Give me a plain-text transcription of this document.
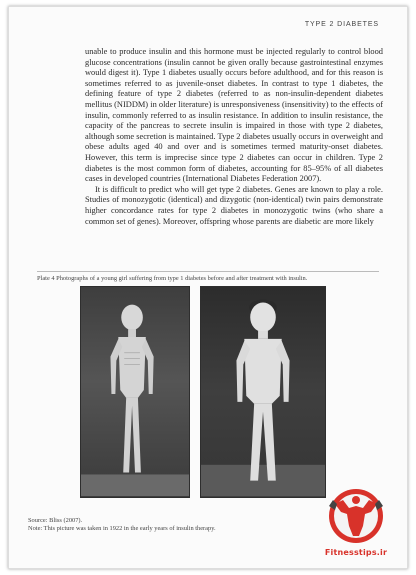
TYPE 2 DIABETES

unable to produce insulin and this hormone must be injected regularly to control blood glucose concentrations (insulin cannot be given orally because gastrointestinal enzymes would digest it). Type 1 diabetes usually occurs before adulthood, and for this reason is sometimes referred to as juvenile-onset diabetes. In contrast to type 1 diabetes, the defining feature of type 2 diabetes (referred to as non-insulin-dependent diabetes mellitus (NIDDM) in older literature) is unresponsiveness (insensitivity) to the effects of insulin, commonly referred to as insulin resistance. In addition to insulin resistance, the capacity of the pancreas to secrete insulin is impaired in those with type 2 diabetes, although some secretion is maintained. Type 2 diabetes usually occurs in overweight and obese adults aged 40 and over and is sometimes termed maturity-onset diabetes. However, this term is imprecise since type 2 diabetes can occur in children. Type 2 diabetes is the most common form of diabetes, accounting for 85–95% of all diabetes cases in developed countries (International Diabetes Federation 2007).

It is difficult to predict who will get type 2 diabetes. Genes are known to play a role. Studies of monozygotic (identical) and dizygotic (non-identical) twin pairs demonstrate higher concordance rates for type 2 diabetes in monozygotic twins (who share a common set of genes). Moreover, offspring whose parents are diabetic are more likely

Plate 4 Photographs of a young girl suffering from type 1 diabetes before and after treatment with insulin.

Source: Bliss (2007).

Note: This picture was taken in 1922 in the early years of insulin therapy.

Fitnesstips.ir
